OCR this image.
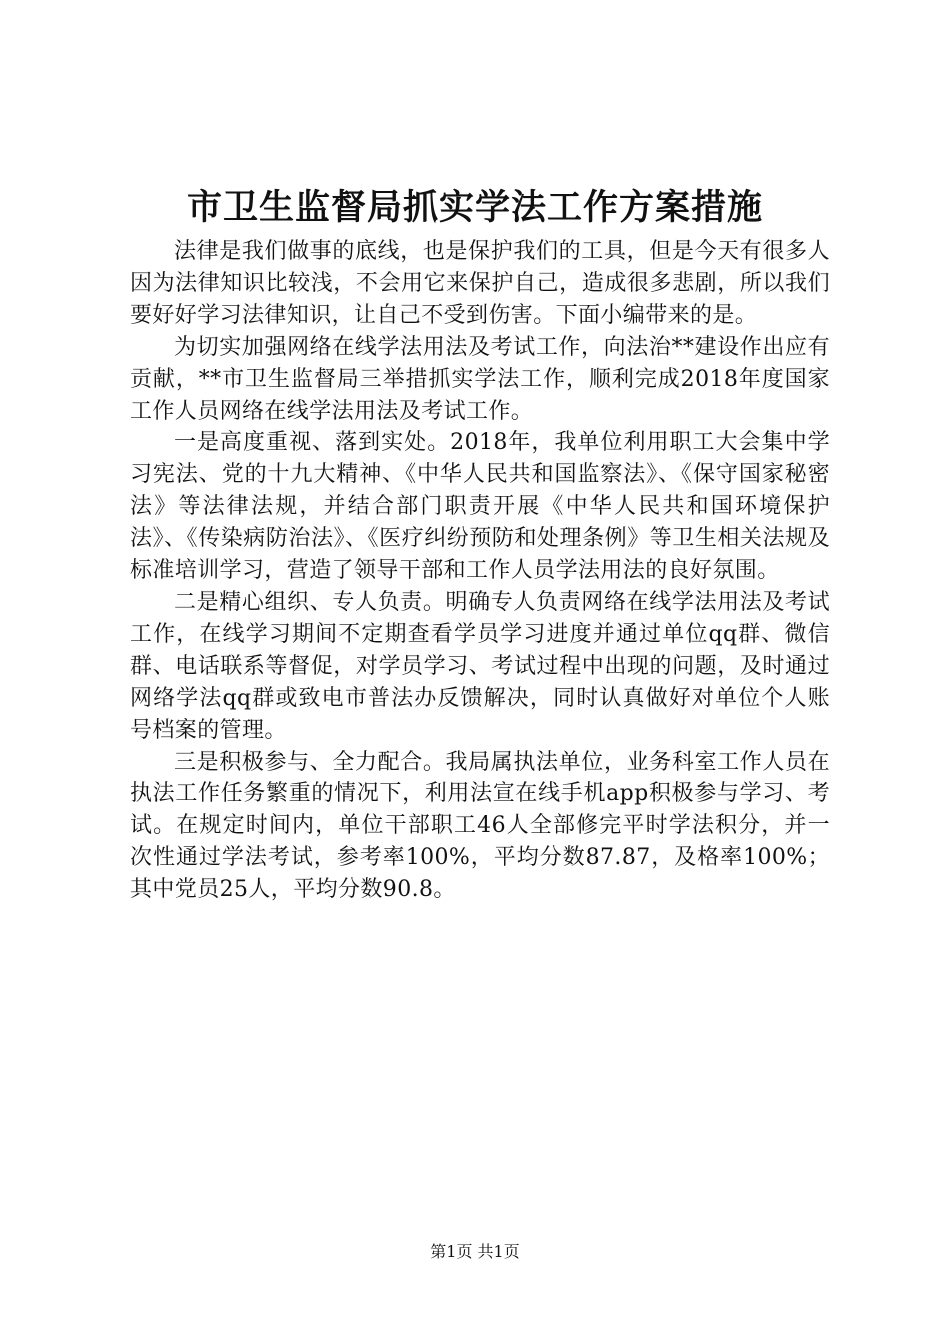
市卫生监督局抓实学法工作方案措施

法律是我们做事的底线，也是保护我们的工具，但是今天有很多人因为法律知识比较浅，不会用它来保护自己，造成很多悲剧，所以我们要好好学习法律知识，让自己不受到伤害。下面小编带来的是。

为切实加强网络在线学法用法及考试工作，向法治**建设作出应有贡献，**市卫生监督局三举措抓实学法工作，顺利完成2018年度国家工作人员网络在线学法用法及考试工作。

一是高度重视、落到实处。2018年，我单位利用职工大会集中学习宪法、党的十九大精神、《中华人民共和国监察法》、《保守国家秘密法》等法律法规，并结合部门职责开展《中华人民共和国环境保护法》、《传染病防治法》、《医疗纠纷预防和处理条例》等卫生相关法规及标准培训学习，营造了领导干部和工作人员学法用法的良好氛围。

二是精心组织、专人负责。明确专人负责网络在线学法用法及考试工作，在线学习期间不定期查看学员学习进度并通过单位qq群、微信群、电话联系等督促，对学员学习、考试过程中出现的问题，及时通过网络学法qq群或致电市普法办反馈解决，同时认真做好对单位个人账号档案的管理。

三是积极参与、全力配合。我局属执法单位，业务科室工作人员在执法工作任务繁重的情况下，利用法宣在线手机app积极参与学习、考试。在规定时间内，单位干部职工46人全部修完平时学法积分，并一次性通过学法考试，参考率100%，平均分数87.87，及格率100%；其中党员25人，平均分数90.8。

第1页 共1页
